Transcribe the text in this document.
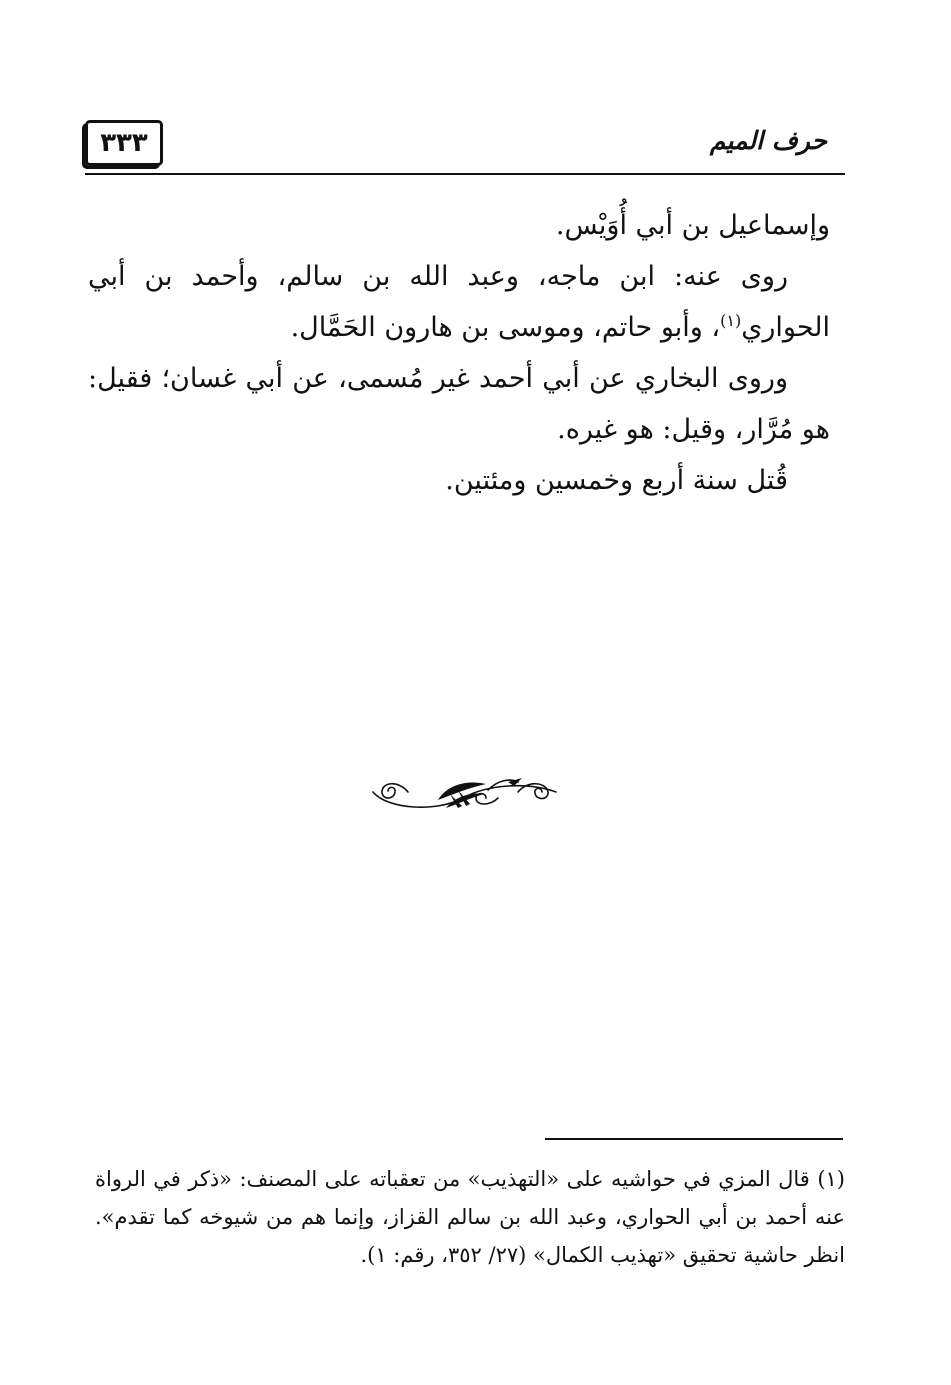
٣٣٣	حرف الميم

وإسماعيل بن أبي أُوَيْس.

روى عنه: ابن ماجه، وعبد الله بن سالم، وأحمد بن أبي الحواري$^{(١)}$، وأبو حاتم، وموسى بن هارون الحَمَّال.

وروى البخاري عن أبي أحمد غير مُسمى، عن أبي غسان؛ فقيل: هو مُرَّار، وقيل: هو غيره.

قُتل سنة أربع وخمسين ومئتين.

(١) قال المزي في حواشيه على «التهذيب» من تعقباته على المصنف: «ذكر في الرواة عنه أحمد بن أبي الحواري، وعبد الله بن سالم القزاز، وإنما هم من شيوخه كما تقدم». انظر حاشية تحقيق «تهذيب الكمال» (٢٧/ ٣٥٢، رقم: ١).
